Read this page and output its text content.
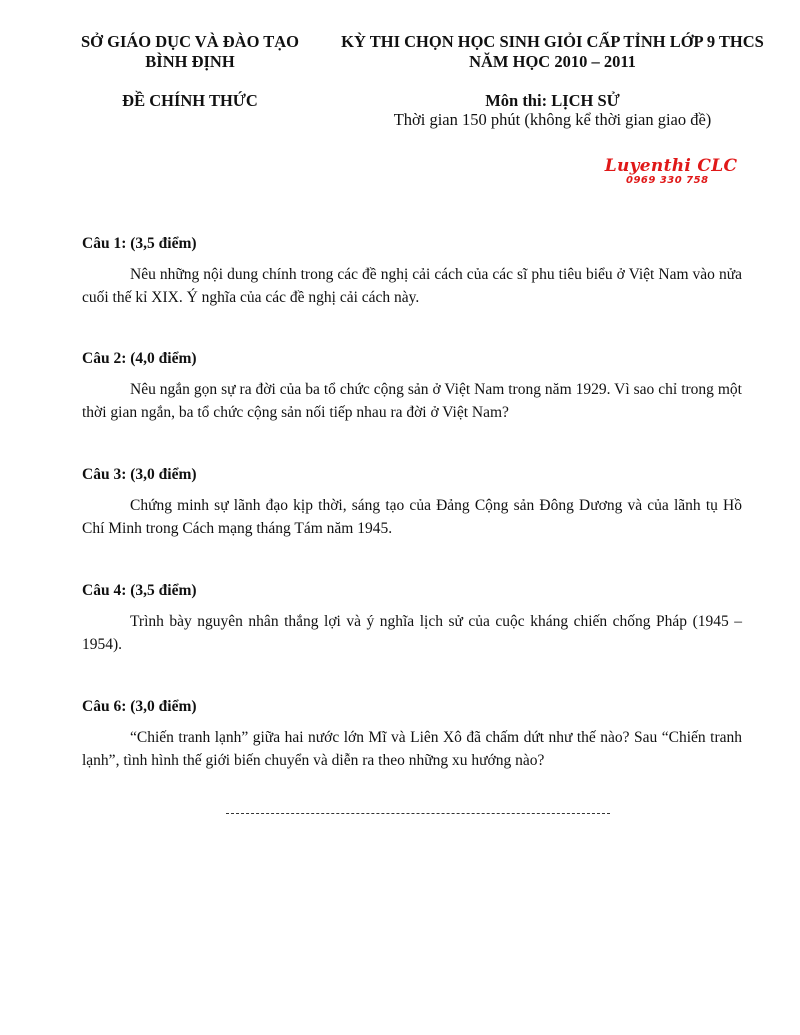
SỞ GIÁO DỤC VÀ ĐÀO TẠO
BÌNH ĐỊNH
ĐỀ CHÍNH THỨC
KỲ THI CHỌN HỌC SINH GIỎI CẤP TỈNH LỚP 9 THCS
NĂM HỌC 2010 – 2011
Môn thi: LỊCH SỬ
Thời gian 150 phút (không kể thời gian giao đề)
Luyenthi CLC
0969 330 758
Câu 1: (3,5 điểm)
Nêu những nội dung chính trong các đề nghị cải cách của các sĩ phu tiêu biểu ở Việt Nam vào nửa cuối thế kỉ XIX. Ý nghĩa của các đề nghị cải cách này.
Câu 2: (4,0 điểm)
Nêu ngắn gọn sự ra đời của ba tổ chức cộng sản ở Việt Nam trong năm 1929. Vì sao chỉ trong một thời gian ngắn, ba tổ chức cộng sản nối tiếp nhau ra đời ở Việt Nam?
Câu 3: (3,0 điểm)
Chứng minh sự lãnh đạo kịp thời, sáng tạo của Đảng Cộng sản Đông Dương và của lãnh tụ Hồ Chí Minh trong Cách mạng tháng Tám năm 1945.
Câu 4: (3,5 điểm)
Trình bày nguyên nhân thắng lợi và ý nghĩa lịch sử của cuộc kháng chiến chống Pháp (1945 – 1954).
Câu 6: (3,0 điểm)
“Chiến tranh lạnh” giữa hai nước lớn Mĩ và Liên Xô đã chấm dứt như thế nào? Sau “Chiến tranh lạnh”, tình hình thế giới biến chuyển và diễn ra theo những xu hướng nào?
